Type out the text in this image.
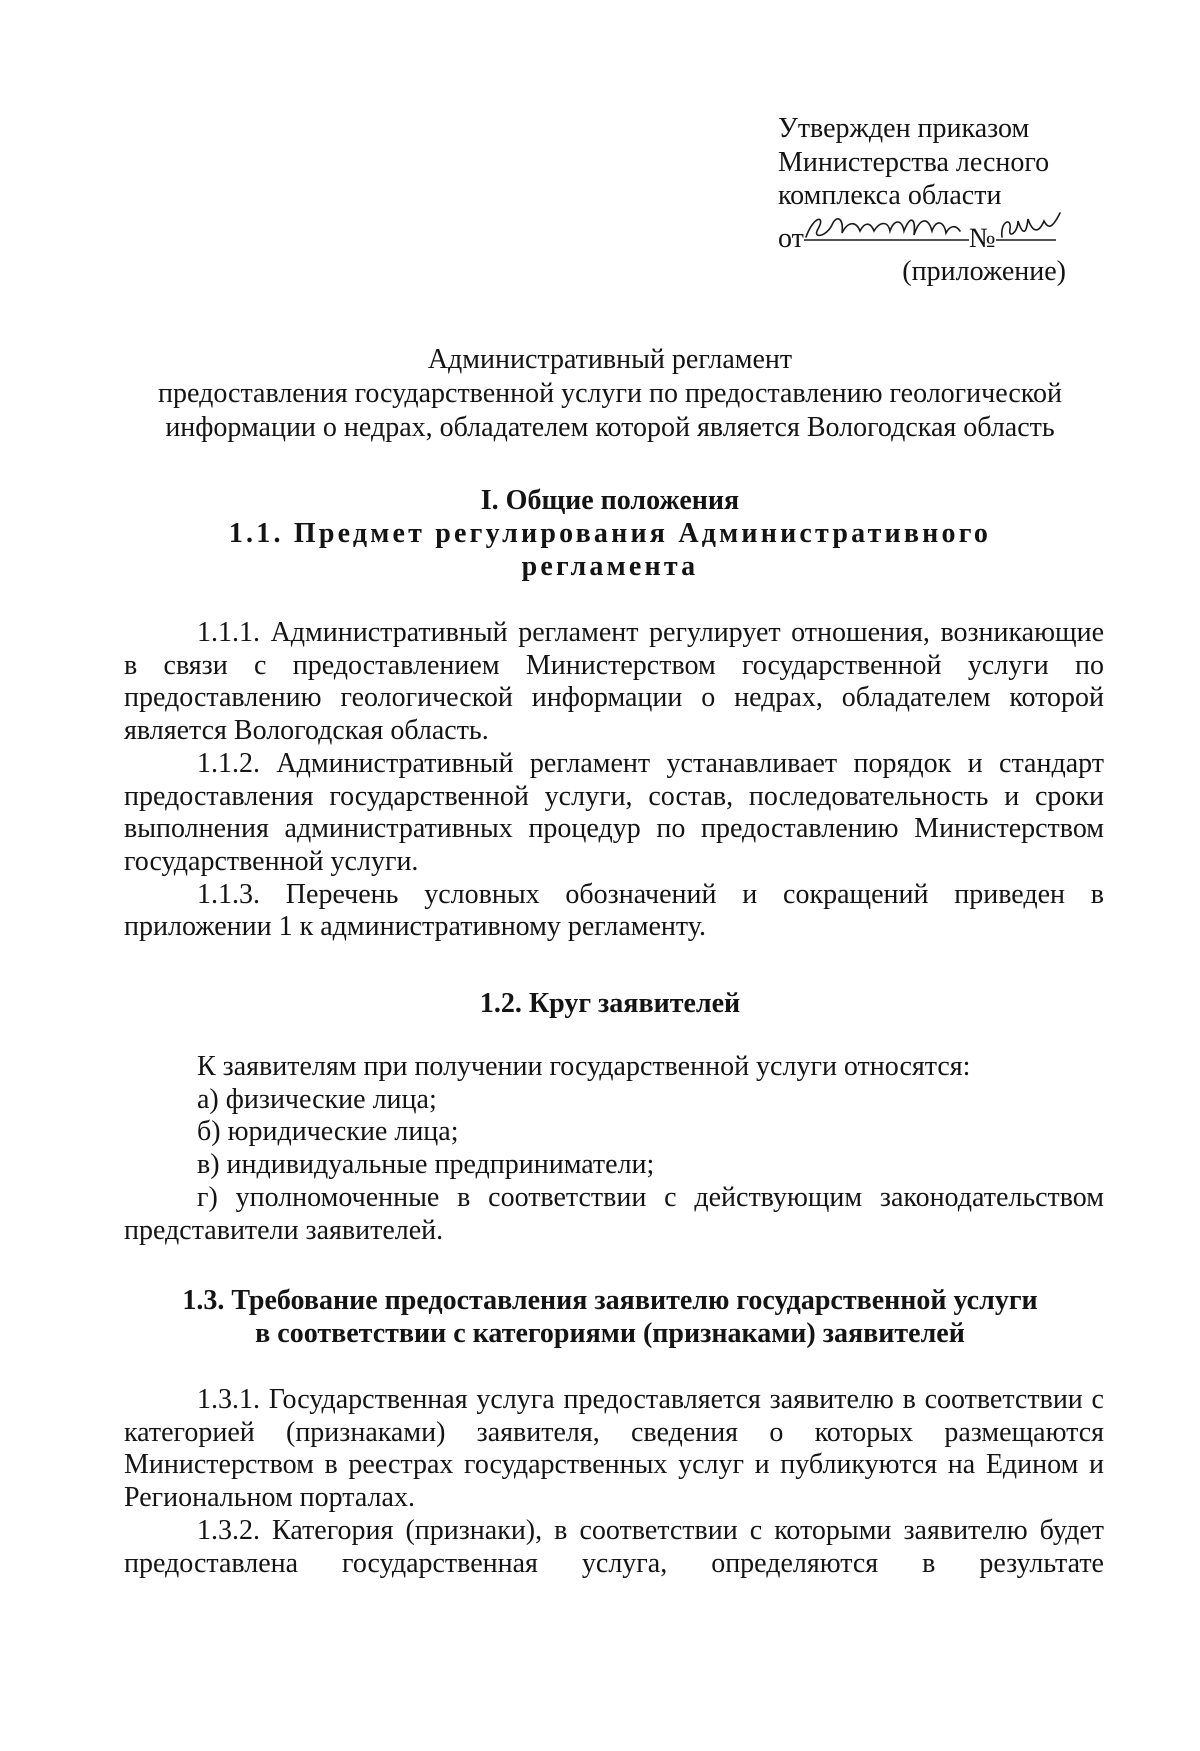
Утвержден приказом
Министерства лесного
комплекса области
от	№
(приложение)
Административный регламент
предоставления государственной услуги по предоставлению геологической
информации о недрах, обладателем которой является Вологодская область
I. Общие положения
1.1. Предмет регулирования Административного
регламента

1.1.1. Административный регламент регулирует отношения, возникающие в связи с предоставлением Министерством государственной услуги по предоставлению геологической информации о недрах, обладателем которой является Вологодская область.

1.1.2. Административный регламент устанавливает порядок и стандарт предоставления государственной услуги, состав, последовательность и сроки выполнения административных процедур по предоставлению Министерством государственной услуги.

1.1.3. Перечень условных обозначений и сокращений приведен в приложении 1 к административному регламенту.

1.2. Круг заявителей

К заявителям при получении государственной услуги относятся:

а) физические лица;

б) юридические лица;

в) индивидуальные предприниматели;

г) уполномоченные в соответствии с действующим законодательством представители заявителей.

1.3. Требование предоставления заявителю государственной услуги
в соответствии с категориями (признаками) заявителей

1.3.1. Государственная услуга предоставляется заявителю в соответствии с категорией (признаками) заявителя, сведения о которых размещаются Министерством в реестрах государственных услуг и публикуются на Едином и Региональном порталах.

1.3.2. Категория (признаки), в соответствии с которыми заявителю будет предоставлена государственная услуга, определяются в результате
